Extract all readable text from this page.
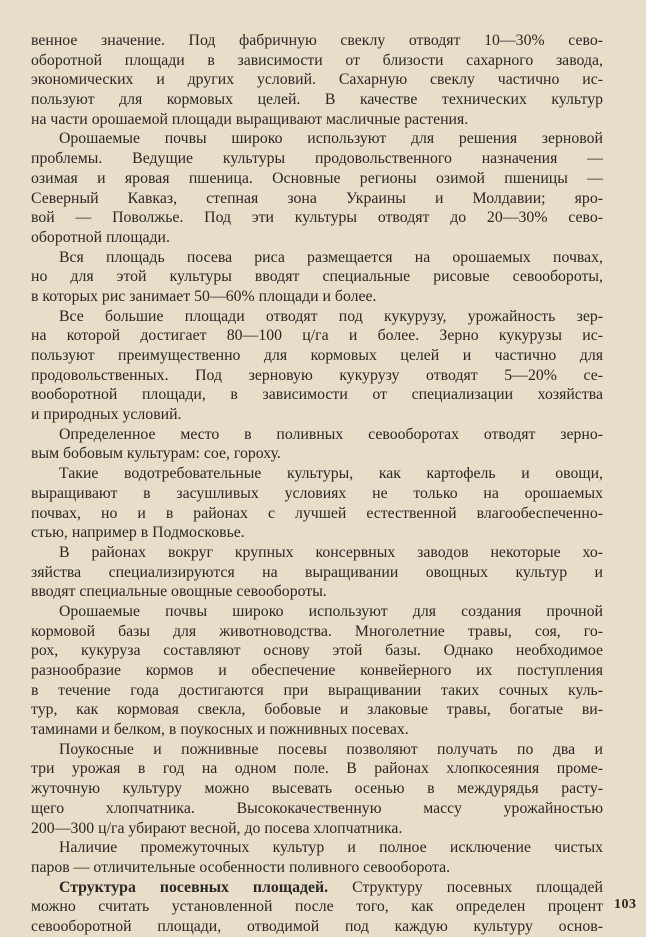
венное значение. Под фабричную свеклу отводят 10—30% сево-
оборотной площади в зависимости от близости сахарного завода,
экономических и других условий. Сахарную свеклу частично ис-
пользуют для кормовых целей. В качестве технических культур
на части орошаемой площади выращивают масличные растения.
Орошаемые почвы широко используют для решения зерновой
проблемы. Ведущие культуры продовольственного назначения —
озимая и яровая пшеница. Основные регионы озимой пшеницы —
Северный Кавказ, степная зона Украины и Молдавии; яро-
вой — Поволжье. Под эти культуры отводят до 20—30% сево-
оборотной площади.
Вся площадь посева риса размещается на орошаемых почвах,
но для этой культуры вводят специальные рисовые севообороты,
в которых рис занимает 50—60% площади и более.
Все большие площади отводят под кукурузу, урожайность зер-
на которой достигает 80—100 ц/га и более. Зерно кукурузы ис-
пользуют преимущественно для кормовых целей и частично для
продовольственных. Под зерновую кукурузу отводят 5—20% се-
вооборотной площади, в зависимости от специализации хозяйства
и природных условий.
Определенное место в поливных севооборотах отводят зерно-
вым бобовым культурам: сое, гороху.
Такие водотребовательные культуры, как картофель и овощи,
выращивают в засушливых условиях не только на орошаемых
почвах, но и в районах с лучшей естественной влагообеспеченно-
стью, например в Подмосковье.
В районах вокруг крупных консервных заводов некоторые хо-
зяйства специализируются на выращивании овощных культур и
вводят специальные овощные севообороты.
Орошаемые почвы широко используют для создания прочной
кормовой базы для животноводства. Многолетние травы, соя, го-
рох, кукуруза составляют основу этой базы. Однако необходимое
разнообразие кормов и обеспечение конвейерного их поступления
в течение года достигаются при выращивании таких сочных куль-
тур, как кормовая свекла, бобовые и злаковые травы, богатые ви-
таминами и белком, в поукосных и пожнивных посевах.
Поукосные и пожнивные посевы позволяют получать по два и
три урожая в год на одном поле. В районах хлопкосеяния проме-
жуточную культуру можно высевать осенью в междурядья расту-
щего хлопчатника. Высококачественную массу урожайностью
200—300 ц/га убирают весной, до посева хлопчатника.
Наличие промежуточных культур и полное исключение чистых
паров — отличительные особенности поливного севооборота.
Структура посевных площадей. Структуру посевных площадей
можно считать установленной после того, как определен процент
севооборотной площади, отводимой под каждую культуру основ-
103
